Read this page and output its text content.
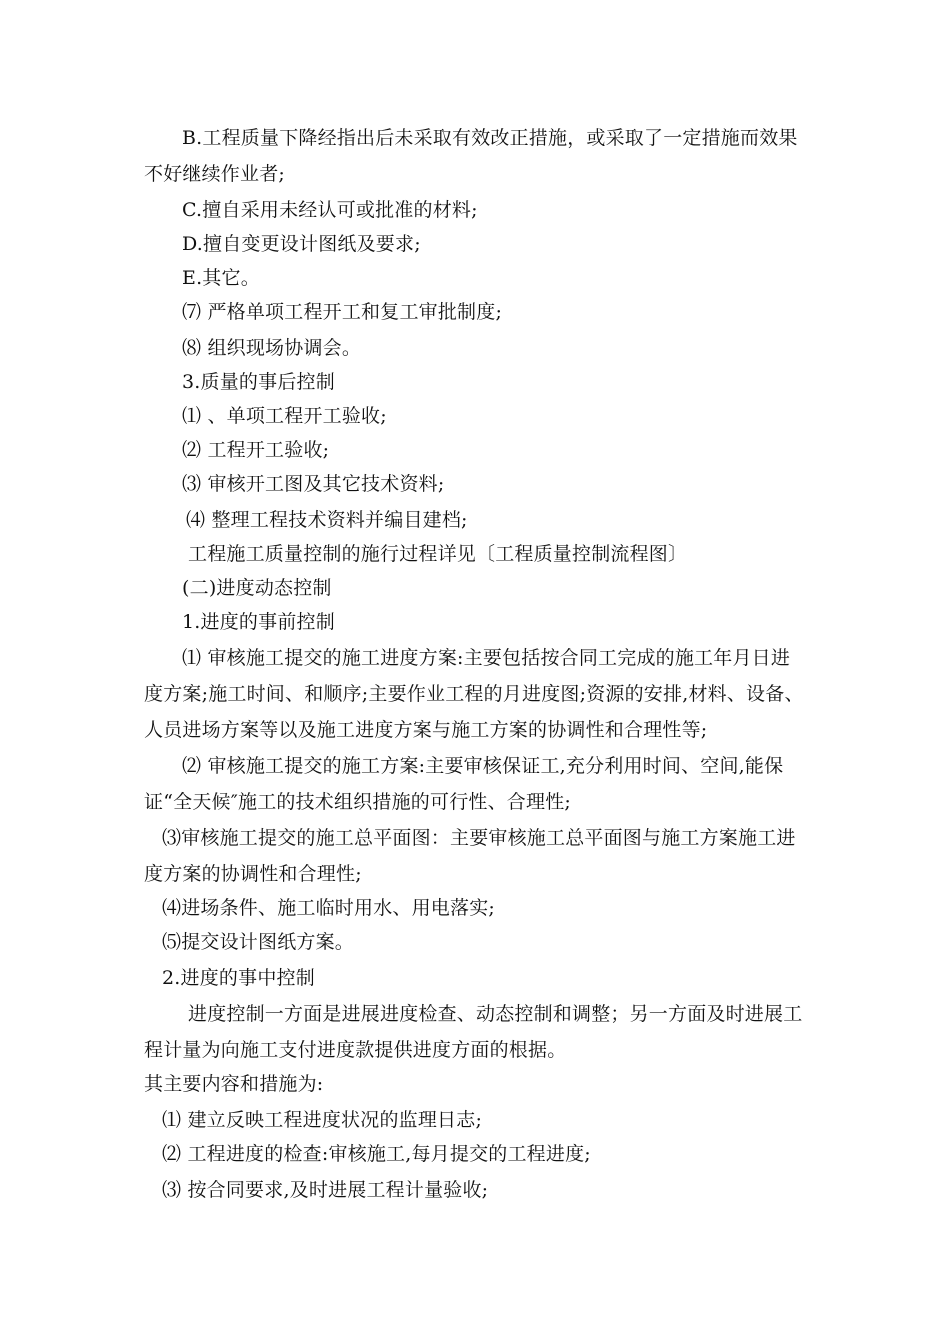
B.工程质量下降经指出后未采取有效改正措施，或采取了一定措施而效果
不好继续作业者;
C.擅自采用未经认可或批准的材料;
D.擅自变更设计图纸及要求;
E.其它。
⑺ 严格单项工程开工和复工审批制度;
⑻ 组织现场协调会。
3.质量的事后控制
⑴ 、单项工程开工验收;
⑵ 工程开工验收;
⑶ 审核开工图及其它技术资料;
⑷ 整理工程技术资料并编目建档;
工程施工质量控制的施行过程详见〔工程质量控制流程图〕
(二)进度动态控制
1.进度的事前控制
⑴ 审核施工提交的施工进度方案:主要包括按合同工完成的施工年月日进
度方案;施工时间、和顺序;主要作业工程的月进度图;资源的安排,材料、设备、
人员进场方案等以及施工进度方案与施工方案的协调性和合理性等;
⑵ 审核施工提交的施工方案:主要审核保证工,充分利用时间、空间,能保
证“全天候″施工的技术组织措施的可行性、合理性;
⑶审核施工提交的施工总平面图：主要审核施工总平面图与施工方案施工进
度方案的协调性和合理性;
⑷进场条件、施工临时用水、用电落实;
⑸提交设计图纸方案。
2.进度的事中控制
进度控制一方面是进展进度检查、动态控制和调整；另一方面及时进展工
程计量为向施工支付进度款提供进度方面的根据。
其主要内容和措施为:
⑴ 建立反映工程进度状况的监理日志;
⑵ 工程进度的检查:审核施工,每月提交的工程进度;
⑶ 按合同要求,及时进展工程计量验收;
